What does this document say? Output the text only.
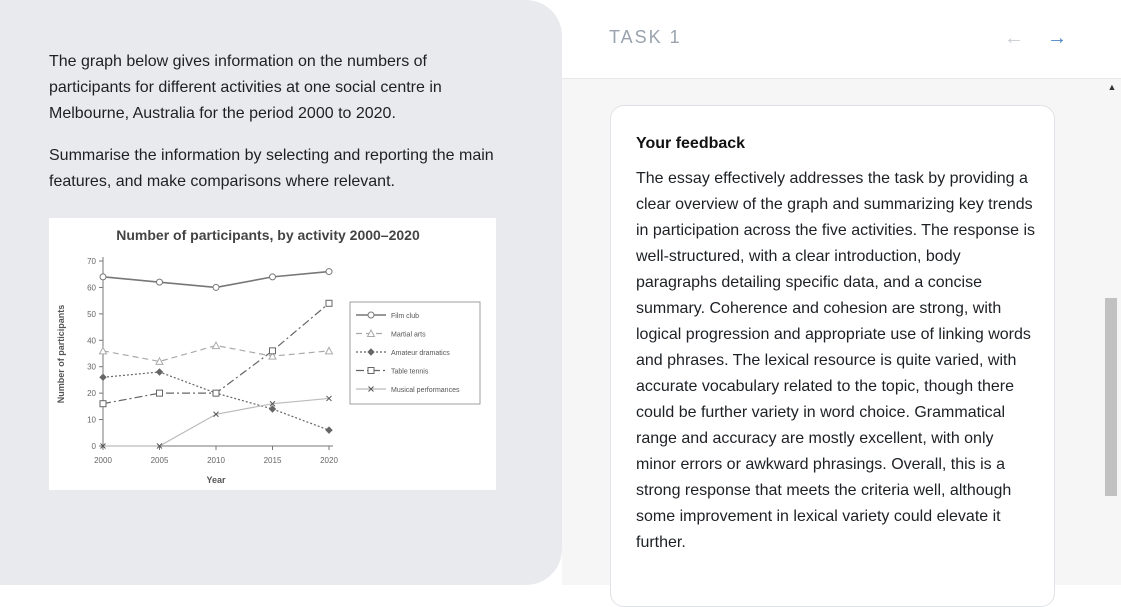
The graph below gives information on the numbers of participants for different activities at one social centre in Melbourne, Australia for the period 2000 to 2020.

Summarise the information by selecting and reporting the main features, and make comparisons where relevant.

Number of participants, by activity 2000–2020
Number of participants
Year
0
10
20
30
40
50
60
70
2000	2005	2010	2015	2020
Film club
Martial arts
Amateur dramatics
Table tennis
Musical performances
TASK 1	← →
▲
Your feedback
The essay effectively addresses the task by providing a clear overview of the graph and summarizing key trends in participation across the five activities. The response is well-structured, with a clear introduction, body paragraphs detailing specific data, and a concise summary. Coherence and cohesion are strong, with logical progression and appropriate use of linking words and phrases. The lexical resource is quite varied, with accurate vocabulary related to the topic, though there could be further variety in word choice. Grammatical range and accuracy are mostly excellent, with only minor errors or awkward phrasings. Overall, this is a strong response that meets the criteria well, although some improvement in lexical variety could elevate it further.
